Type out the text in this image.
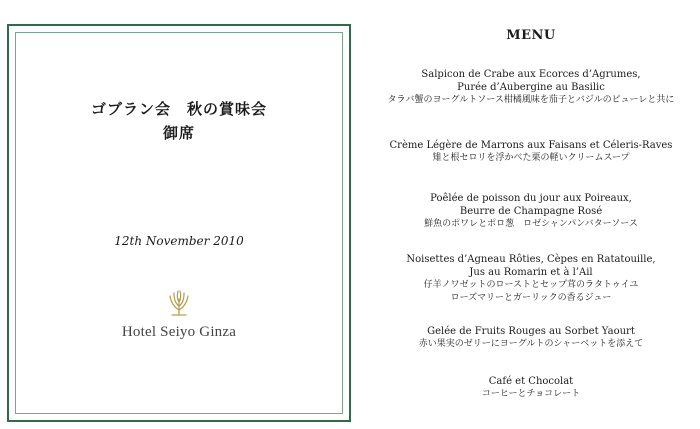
ゴブラン会　秋の賞味会
御席
12th November 2010
Hotel Seiyo Ginza
MENU
Salpicon de Crabe aux Ecorces d’Agrumes,
Purée d’Aubergine au Basilic
タラバ蟹のヨーグルトソース柑橘風味を茄子とバジルのピューレと共に
Crème Légère de Marrons aux Faisans et Céleris-Raves
雉と根セロリを浮かべた栗の軽いクリームスープ
Poêlée de poisson du jour aux Poireaux,
Beurre de Champagne Rosé
鮮魚のポワレとポロ葱　ロゼシャンパンバターソース
Noisettes d’Agneau Rôties, Cèpes en Ratatouille,
Jus au Romarin et à l’Ail
仔羊ノワゼットのローストとセップ茸のラタトゥイユ
ローズマリーとガーリックの香るジュー
Gelée de Fruits Rouges au Sorbet Yaourt
赤い果実のゼリーにヨーグルトのシャーベットを添えて
Café et Chocolat
コーヒーとチョコレート
